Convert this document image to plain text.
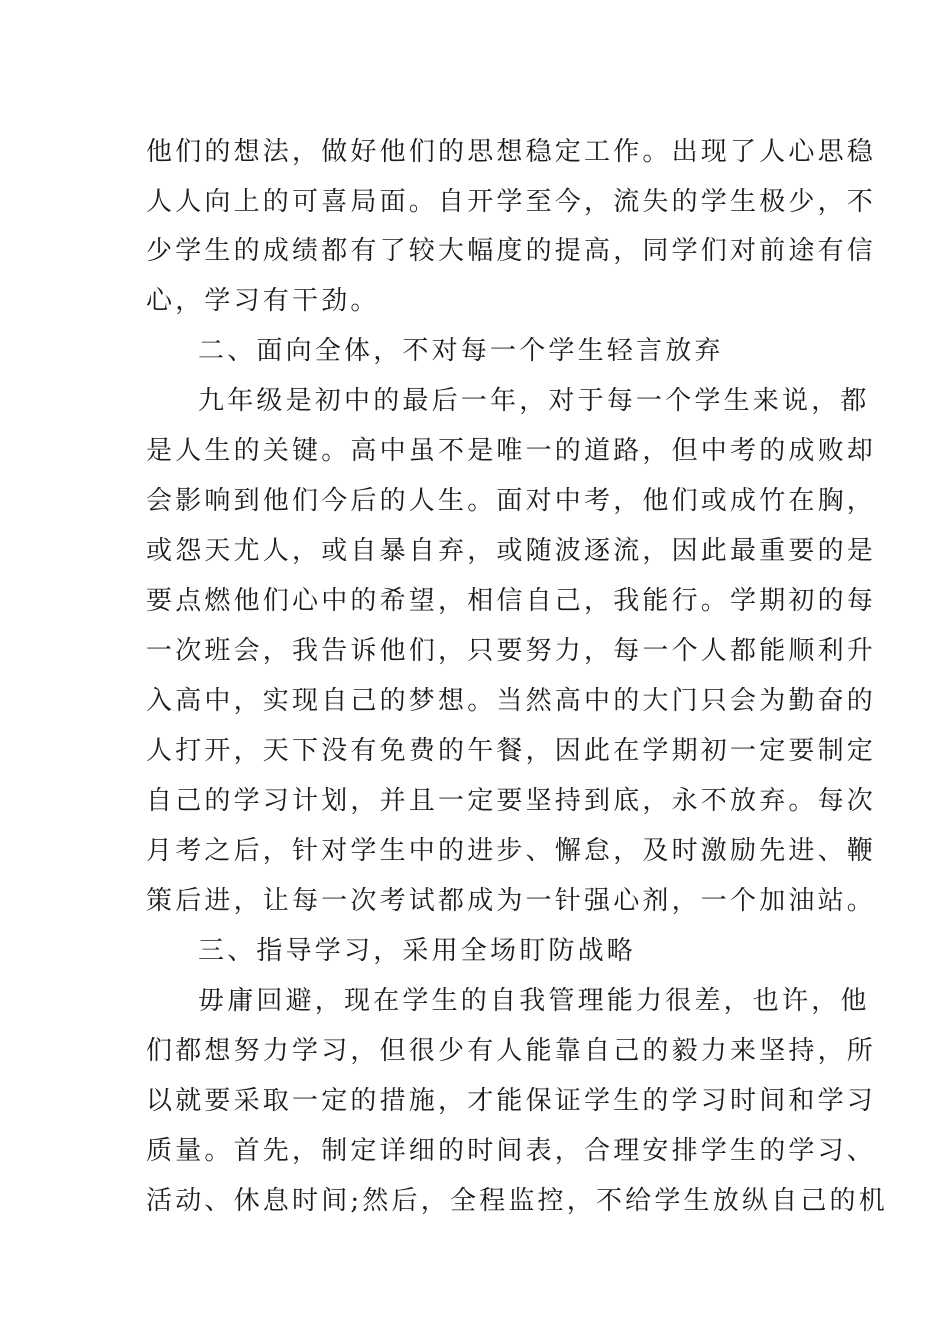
他们的想法，做好他们的思想稳定工作。出现了人心思稳
人人向上的可喜局面。自开学至今，流失的学生极少，不
少学生的成绩都有了较大幅度的提高，同学们对前途有信
心，学习有干劲。
二、面向全体，不对每一个学生轻言放弃
九年级是初中的最后一年，对于每一个学生来说，都
是人生的关键。高中虽不是唯一的道路，但中考的成败却
会影响到他们今后的人生。面对中考，他们或成竹在胸，
或怨天尤人，或自暴自弃，或随波逐流，因此最重要的是
要点燃他们心中的希望，相信自己，我能行。学期初的每
一次班会，我告诉他们，只要努力，每一个人都能顺利升
入高中，实现自己的梦想。当然高中的大门只会为勤奋的
人打开，天下没有免费的午餐，因此在学期初一定要制定
自己的学习计划，并且一定要坚持到底，永不放弃。每次
月考之后，针对学生中的进步、懈怠，及时激励先进、鞭
策后进，让每一次考试都成为一针强心剂，一个加油站。
三、指导学习，采用全场盯防战略
毋庸回避，现在学生的自我管理能力很差，也许，他
们都想努力学习，但很少有人能靠自己的毅力来坚持，所
以就要采取一定的措施，才能保证学生的学习时间和学习
质量。首先，制定详细的时间表，合理安排学生的学习、
活动、休息时间;然后，全程监控，不给学生放纵自己的机
